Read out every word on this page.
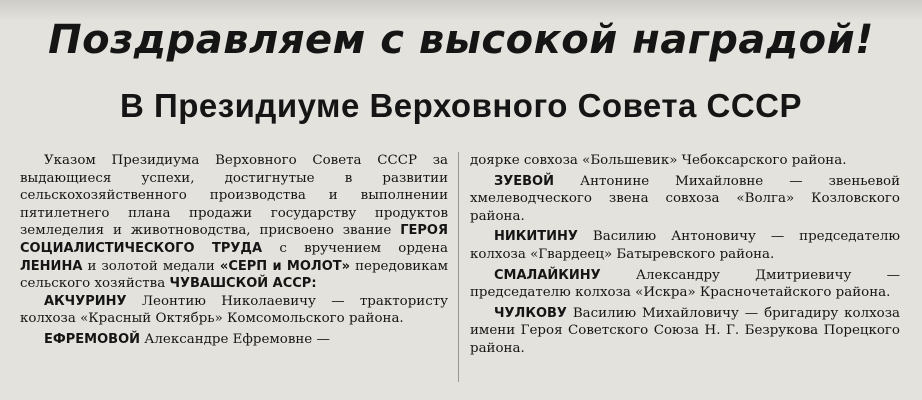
Поздравляем с высокой наградой!
В Президиуме Верховного Совета СССР

Указом Президиума Верховного Совета СССР за выдающиеся успехи, достигнутые в развитии сельскохозяйственного производства и выполнении пятилетнего плана продажи государству продуктов земледелия и животноводства, присвоено звание ГЕРОЯ СОЦИАЛИСТИЧЕСКОГО ТРУДА с вручением ордена ЛЕНИНА и золотой медали «СЕРП и МОЛОТ» передовикам сельского хозяйства ЧУВАШСКОЙ АССР:

АКЧУРИНУ Леонтию Николаевичу — трактористу колхоза «Красный Октябрь» Комсомольского района.

ЕФРЕМОВОЙ Александре Ефремовне —

доярке совхоза «Большевик» Чебоксарского района.

ЗУЕВОЙ Антонине Михайловне — звеньевой хмелеводческого звена совхоза «Волга» Козловского района.

НИКИТИНУ Василию Антоновичу — председателю колхоза «Гвардеец» Батыревского района.

СМАЛАЙКИНУ Александру Дмитриевичу — председателю колхоза «Искра» Красночетайского района.

ЧУЛКОВУ Василию Михайловичу — бригадиру колхоза имени Героя Советского Союза Н. Г. Безрукова Порецкого района.
